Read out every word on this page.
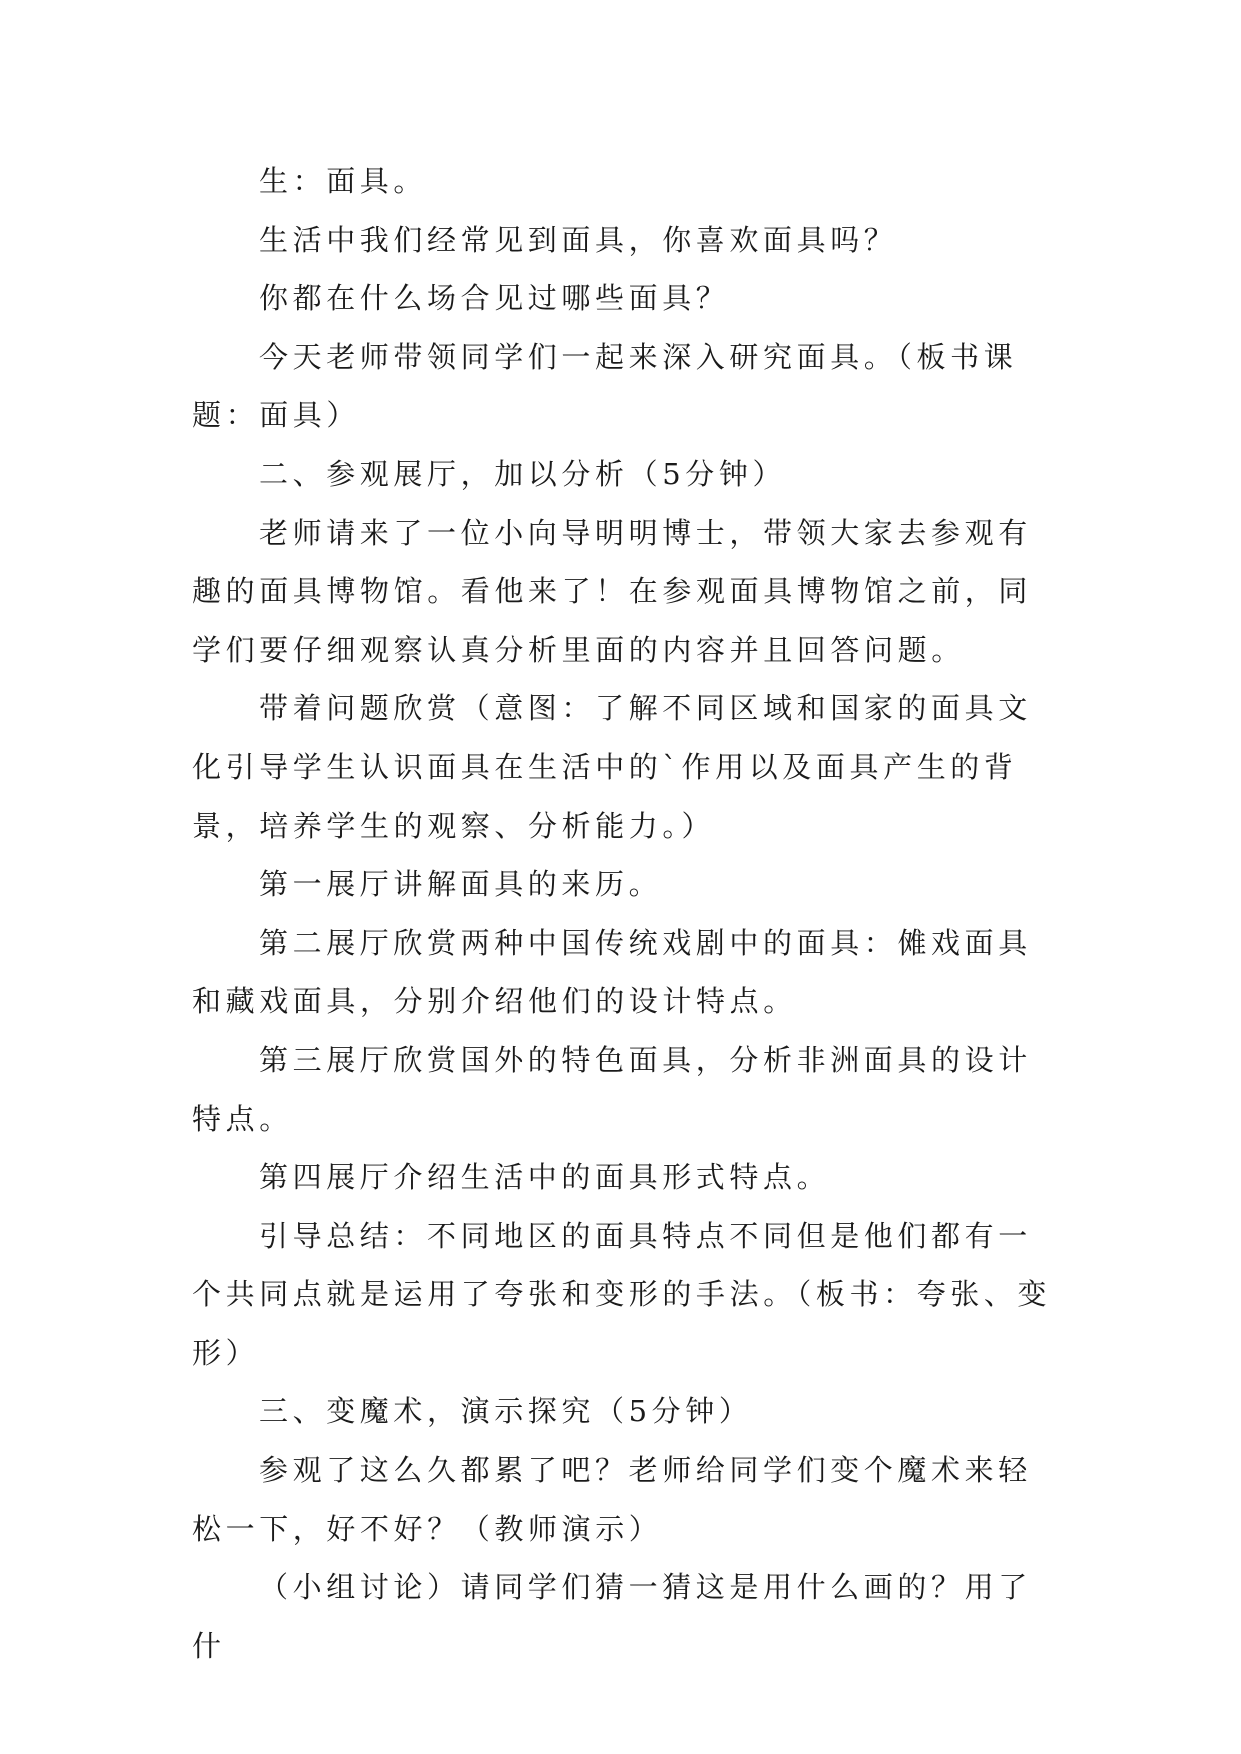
生：面具。

生活中我们经常见到面具，你喜欢面具吗？

你都在什么场合见过哪些面具？

今天老师带领同学们一起来深入研究面具。（板书课题：面具）

二、参观展厅，加以分析（5分钟）

老师请来了一位小向导明明博士，带领大家去参观有趣的面具博物馆。看他来了！在参观面具博物馆之前，同学们要仔细观察认真分析里面的内容并且回答问题。

带着问题欣赏（意图：了解不同区域和国家的面具文化引导学生认识面具在生活中的`作用以及面具产生的背景，培养学生的观察、分析能力。）

第一展厅讲解面具的来历。

第二展厅欣赏两种中国传统戏剧中的面具：傩戏面具和藏戏面具，分别介绍他们的设计特点。

第三展厅欣赏国外的特色面具，分析非洲面具的设计特点。

第四展厅介绍生活中的面具形式特点。

引导总结：不同地区的面具特点不同但是他们都有一个共同点就是运用了夸张和变形的手法。（板书：夸张、变形）

三、变魔术，演示探究（5分钟）

参观了这么久都累了吧？老师给同学们变个魔术来轻松一下，好不好？（教师演示）

（小组讨论）请同学们猜一猜这是用什么画的？用了什
